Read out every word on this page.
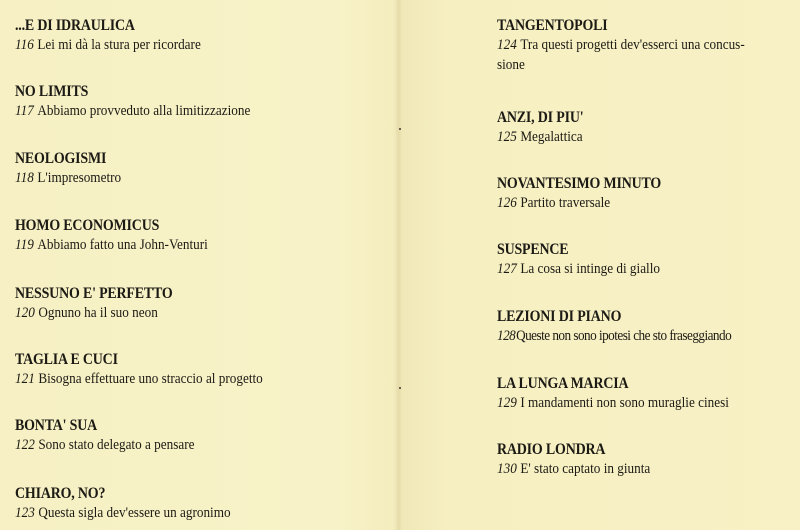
...E DI IDRAULICA
116 Lei mi dà la stura per ricordare
NO LIMITS
117 Abbiamo provveduto alla limitizzazione
NEOLOGISMI
118 L'impresometro
HOMO ECONOMICUS
119 Abbiamo fatto una John-Venturi
NESSUNO E' PERFETTO
120 Ognuno ha il suo neon
TAGLIA E CUCI
121 Bisogna effettuare uno straccio al progetto
BONTA' SUA
122 Sono stato delegato a pensare
CHIARO, NO?
123 Questa sigla dev'essere un agronimo
TANGENTOPOLI
124 Tra questi progetti dev'esserci una concus-
sione
ANZI, DI PIU'
125 Megalattica
NOVANTESIMO MINUTO
126 Partito traversale
SUSPENCE
127 La cosa si intinge di giallo
LEZIONI DI PIANO
128Queste non sono ipotesi che sto fraseggiando
LA LUNGA MARCIA
129 I mandamenti non sono muraglie cinesi
RADIO LONDRA
130 E' stato captato in giunta
